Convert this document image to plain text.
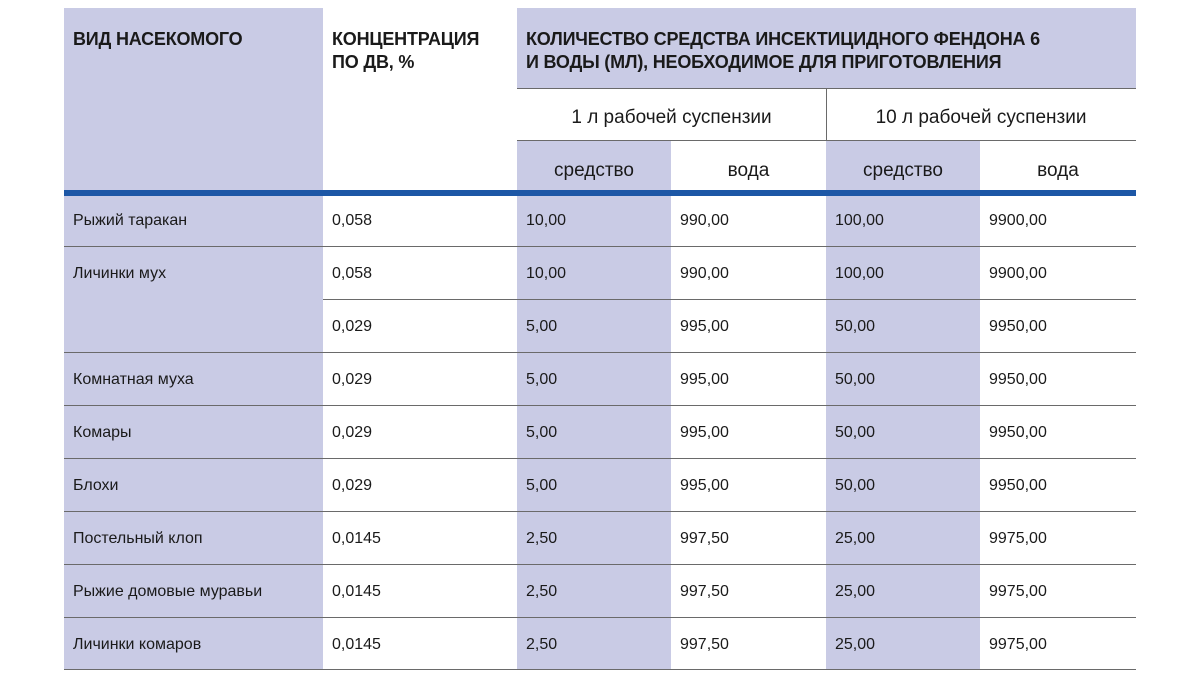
ВИД НАСЕКОМОГО	КОНЦЕНТРАЦИЯ
ПО ДВ, %
КОЛИЧЕСТВО СРЕДСТВА ИНСЕКТИЦИДНОГО ФЕНДОНА 6
И ВОДЫ (МЛ), НЕОБХОДИМОЕ ДЛЯ ПРИГОТОВЛЕНИЯ
1 л рабочей суспензии	10 л рабочей суспензии
средство	вода	средство	вода
Рыжий таракан	0,058	10,00	990,00	100,00	9900,00
Личинки мух	0,058	10,00	990,00	100,00	9900,00
0,029	5,00	995,00	50,00	9950,00
Комнатная муха	0,029	5,00	995,00	50,00	9950,00
Комары	0,029	5,00	995,00	50,00	9950,00
Блохи	0,029	5,00	995,00	50,00	9950,00
Постельный клоп	0,0145	2,50	997,50	25,00	9975,00
Рыжие домовые муравьи	0,0145	2,50	997,50	25,00	9975,00
Личинки комаров	0,0145	2,50	997,50	25,00	9975,00
